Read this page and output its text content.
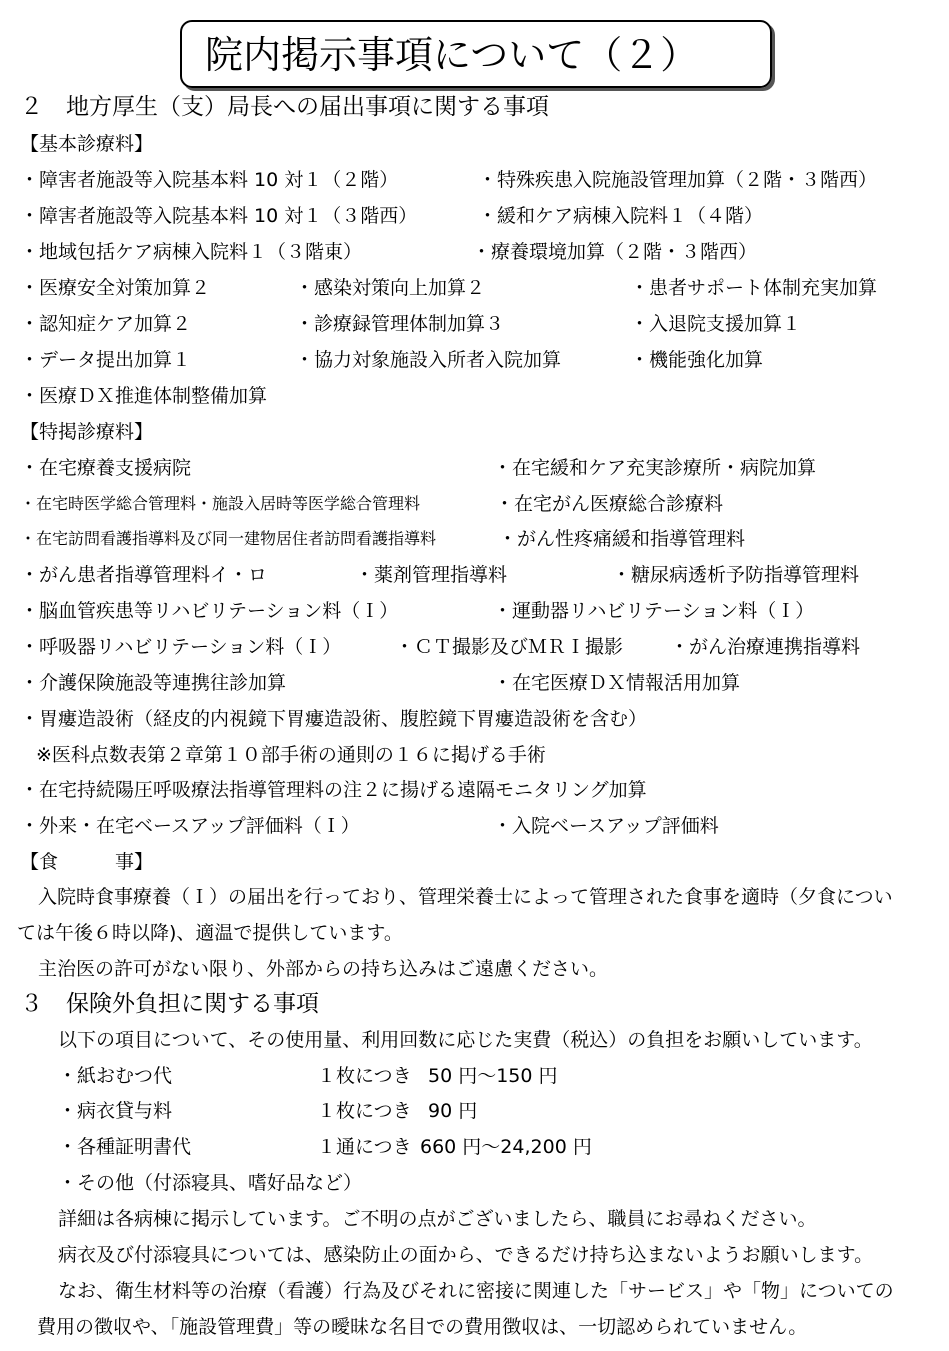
院内掲示事項について（２）
２　地方厚生（支）局長への届出事項に関する事項
【基本診療料】
・障害者施設等入院基本料 10 対１（２階）	・特殊疾患入院施設管理加算（２階・３階西）
・障害者施設等入院基本料 10 対１（３階西）	・緩和ケア病棟入院料１（４階）
・地域包括ケア病棟入院料１（３階東）	・療養環境加算（２階・３階西）
・医療安全対策加算２	・感染対策向上加算２	・患者サポート体制充実加算
・認知症ケア加算２	・診療録管理体制加算３	・入退院支援加算１
・データ提出加算１	・協力対象施設入所者入院加算	・機能強化加算
・医療ＤＸ推進体制整備加算
【特掲診療料】
・在宅療養支援病院	・在宅緩和ケア充実診療所・病院加算
・在宅時医学総合管理料・施設入居時等医学総合管理料	・在宅がん医療総合診療料
・在宅訪問看護指導料及び同一建物居住者訪問看護指導料	・がん性疼痛緩和指導管理料
・がん患者指導管理料イ・ロ	・薬剤管理指導料	・糖尿病透析予防指導管理料
・脳血管疾患等リハビリテーション料（Ｉ）	・運動器リハビリテーション料（Ｉ）
・呼吸器リハビリテーション料（Ｉ）	・ＣＴ撮影及びＭＲＩ撮影 ・がん治療連携指導料
・介護保険施設等連携往診加算	・在宅医療ＤＸ情報活用加算
・胃瘻造設術（経皮的内視鏡下胃瘻造設術、腹腔鏡下胃瘻造設術を含む）
※医科点数表第２章第１０部手術の通則の１６に掲げる手術
・在宅持続陽圧呼吸療法指導管理料の注２に揚げる遠隔モニタリング加算
・外来・在宅ベースアップ評価料（Ｉ）	・入院ベースアップ評価料
【食　　　事】
入院時食事療養（Ｉ）の届出を行っており、管理栄養士によって管理された食事を適時（夕食につい
ては午後６時以降)、適温で提供しています。
主治医の許可がない限り、外部からの持ち込みはご遠慮ください。
３　保険外負担に関する事項
以下の項目について、その使用量、利用回数に応じた実費（税込）の負担をお願いしています。
・紙おむつ代	１枚につき 50 円～150 円
・病衣貸与料	１枚につき 90 円
・各種証明書代	１通につき 660 円～24,200 円
・その他（付添寝具、嗜好品など）
詳細は各病棟に掲示しています。ご不明の点がございましたら、職員にお尋ねください。
病衣及び付添寝具については、感染防止の面から、できるだけ持ち込まないようお願いします。
なお、衛生材料等の治療（看護）行為及びそれに密接に関連した「サービス」や「物」についての
費用の徴収や、「施設管理費」等の曖昧な名目での費用徴収は、一切認められていません。
